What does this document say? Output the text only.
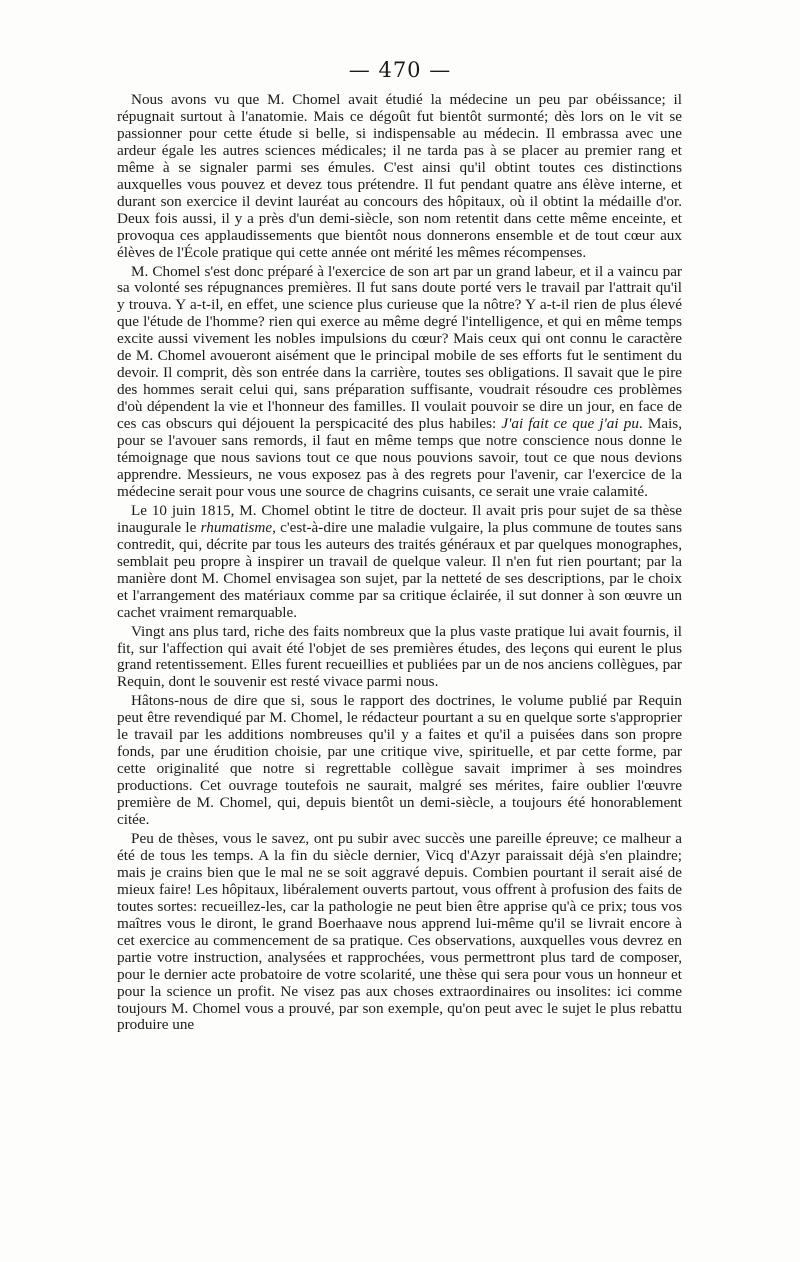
— 470 —

Nous avons vu que M. Chomel avait étudié la médecine un peu par obéissance; il répugnait surtout à l'anatomie. Mais ce dégoût fut bientôt surmonté; dès lors on le vit se passionner pour cette étude si belle, si indispensable au médecin. Il embrassa avec une ardeur égale les autres sciences médicales; il ne tarda pas à se placer au premier rang et même à se signaler parmi ses émules. C'est ainsi qu'il obtint toutes ces distinctions auxquelles vous pouvez et devez tous prétendre. Il fut pendant quatre ans élève interne, et durant son exercice il devint lauréat au concours des hôpitaux, où il obtint la médaille d'or. Deux fois aussi, il y a près d'un demi-siècle, son nom retentit dans cette même enceinte, et provoqua ces applaudissements que bientôt nous donnerons ensemble et de tout cœur aux élèves de l'École pratique qui cette année ont mérité les mêmes récompenses.

M. Chomel s'est donc préparé à l'exercice de son art par un grand labeur, et il a vaincu par sa volonté ses répugnances premières. Il fut sans doute porté vers le travail par l'attrait qu'il y trouva. Y a-t-il, en effet, une science plus curieuse que la nôtre? Y a-t-il rien de plus élevé que l'étude de l'homme? rien qui exerce au même degré l'intelligence, et qui en même temps excite aussi vivement les nobles impulsions du cœur? Mais ceux qui ont connu le caractère de M. Chomel avoueront aisément que le principal mobile de ses efforts fut le sentiment du devoir. Il comprit, dès son entrée dans la carrière, toutes ses obligations. Il savait que le pire des hommes serait celui qui, sans préparation suffisante, voudrait résoudre ces problèmes d'où dépendent la vie et l'honneur des familles. Il voulait pouvoir se dire un jour, en face de ces cas obscurs qui déjouent la perspicacité des plus habiles: J'ai fait ce que j'ai pu. Mais, pour se l'avouer sans remords, il faut en même temps que notre conscience nous donne le témoignage que nous savions tout ce que nous pouvions savoir, tout ce que nous devions apprendre. Messieurs, ne vous exposez pas à des regrets pour l'avenir, car l'exercice de la médecine serait pour vous une source de chagrins cuisants, ce serait une vraie calamité.

Le 10 juin 1815, M. Chomel obtint le titre de docteur. Il avait pris pour sujet de sa thèse inaugurale le rhumatisme, c'est-à-dire une maladie vulgaire, la plus commune de toutes sans contredit, qui, décrite par tous les auteurs des traités généraux et par quelques monographes, semblait peu propre à inspirer un travail de quelque valeur. Il n'en fut rien pourtant; par la manière dont M. Chomel envisagea son sujet, par la netteté de ses descriptions, par le choix et l'arrangement des matériaux comme par sa critique éclairée, il sut donner à son œuvre un cachet vraiment remarquable.

Vingt ans plus tard, riche des faits nombreux que la plus vaste pratique lui avait fournis, il fit, sur l'affection qui avait été l'objet de ses premières études, des leçons qui eurent le plus grand retentissement. Elles furent recueillies et publiées par un de nos anciens collègues, par Requin, dont le souvenir est resté vivace parmi nous.

Hâtons-nous de dire que si, sous le rapport des doctrines, le volume publié par Requin peut être revendiqué par M. Chomel, le rédacteur pourtant a su en quelque sorte s'approprier le travail par les additions nombreuses qu'il y a faites et qu'il a puisées dans son propre fonds, par une érudition choisie, par une critique vive, spirituelle, et par cette forme, par cette originalité que notre si regrettable collègue savait imprimer à ses moindres productions. Cet ouvrage toutefois ne saurait, malgré ses mérites, faire oublier l'œuvre première de M. Chomel, qui, depuis bientôt un demi-siècle, a toujours été honorablement citée.

Peu de thèses, vous le savez, ont pu subir avec succès une pareille épreuve; ce malheur a été de tous les temps. A la fin du siècle dernier, Vicq d'Azyr paraissait déjà s'en plaindre; mais je crains bien que le mal ne se soit aggravé depuis. Combien pourtant il serait aisé de mieux faire! Les hôpitaux, libéralement ouverts partout, vous offrent à profusion des faits de toutes sortes: recueillez-les, car la pathologie ne peut bien être apprise qu'à ce prix; tous vos maîtres vous le diront, le grand Boerhaave nous apprend lui-même qu'il se livrait encore à cet exercice au commencement de sa pratique. Ces observations, auxquelles vous devrez en partie votre instruction, analysées et rapprochées, vous permettront plus tard de composer, pour le dernier acte probatoire de votre scolarité, une thèse qui sera pour vous un honneur et pour la science un profit. Ne visez pas aux choses extraordinaires ou insolites: ici comme toujours M. Chomel vous a prouvé, par son exemple, qu'on peut avec le sujet le plus rebattu produire une
